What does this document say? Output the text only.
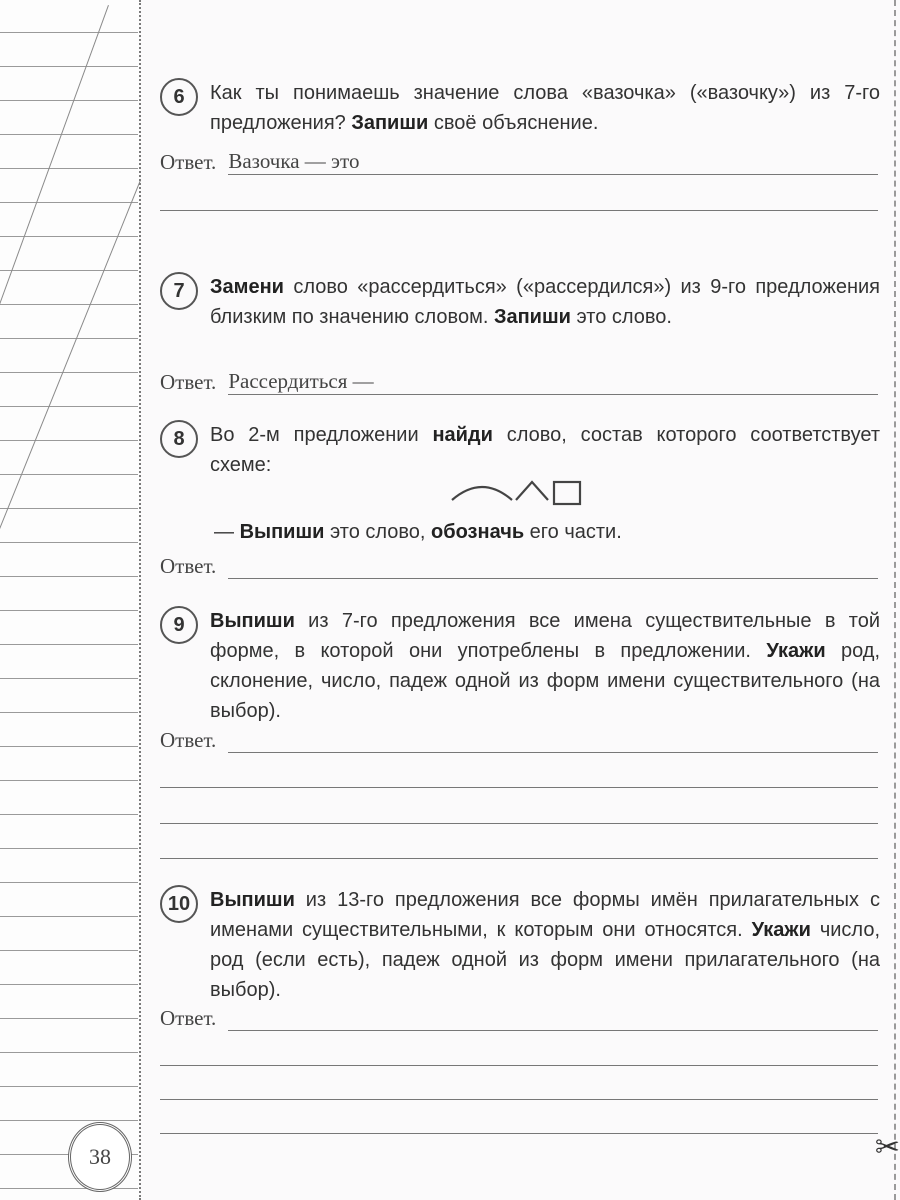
6	Как ты понимаешь значение слова «вазочка» («вазочку») из 7-го предложения? Запиши своё объяснение.
Ответ. Вазочка — это
7	Замени слово «рассердиться» («рассердился») из 9-го предложения близким по значению словом. Запиши это слово.
Ответ. Рассердиться —
8	Во 2-м предложении найди слово, состав которого соответствует схеме:
— Выпиши это слово, обозначь его части.
Ответ.
9	Выпиши из 7-го предложения все имена существительные в той форме, в которой они употреблены в предложении. Укажи род, склонение, число, падеж одной из форм имени существительного (на выбор).
Ответ.
10 Выпиши из 13-го предложения все формы имён прилагательных с именами существительными, к которым они относятся. Укажи число, род (если есть), падеж одной из форм имени прилагательного (на выбор).
Ответ.
38	✂
